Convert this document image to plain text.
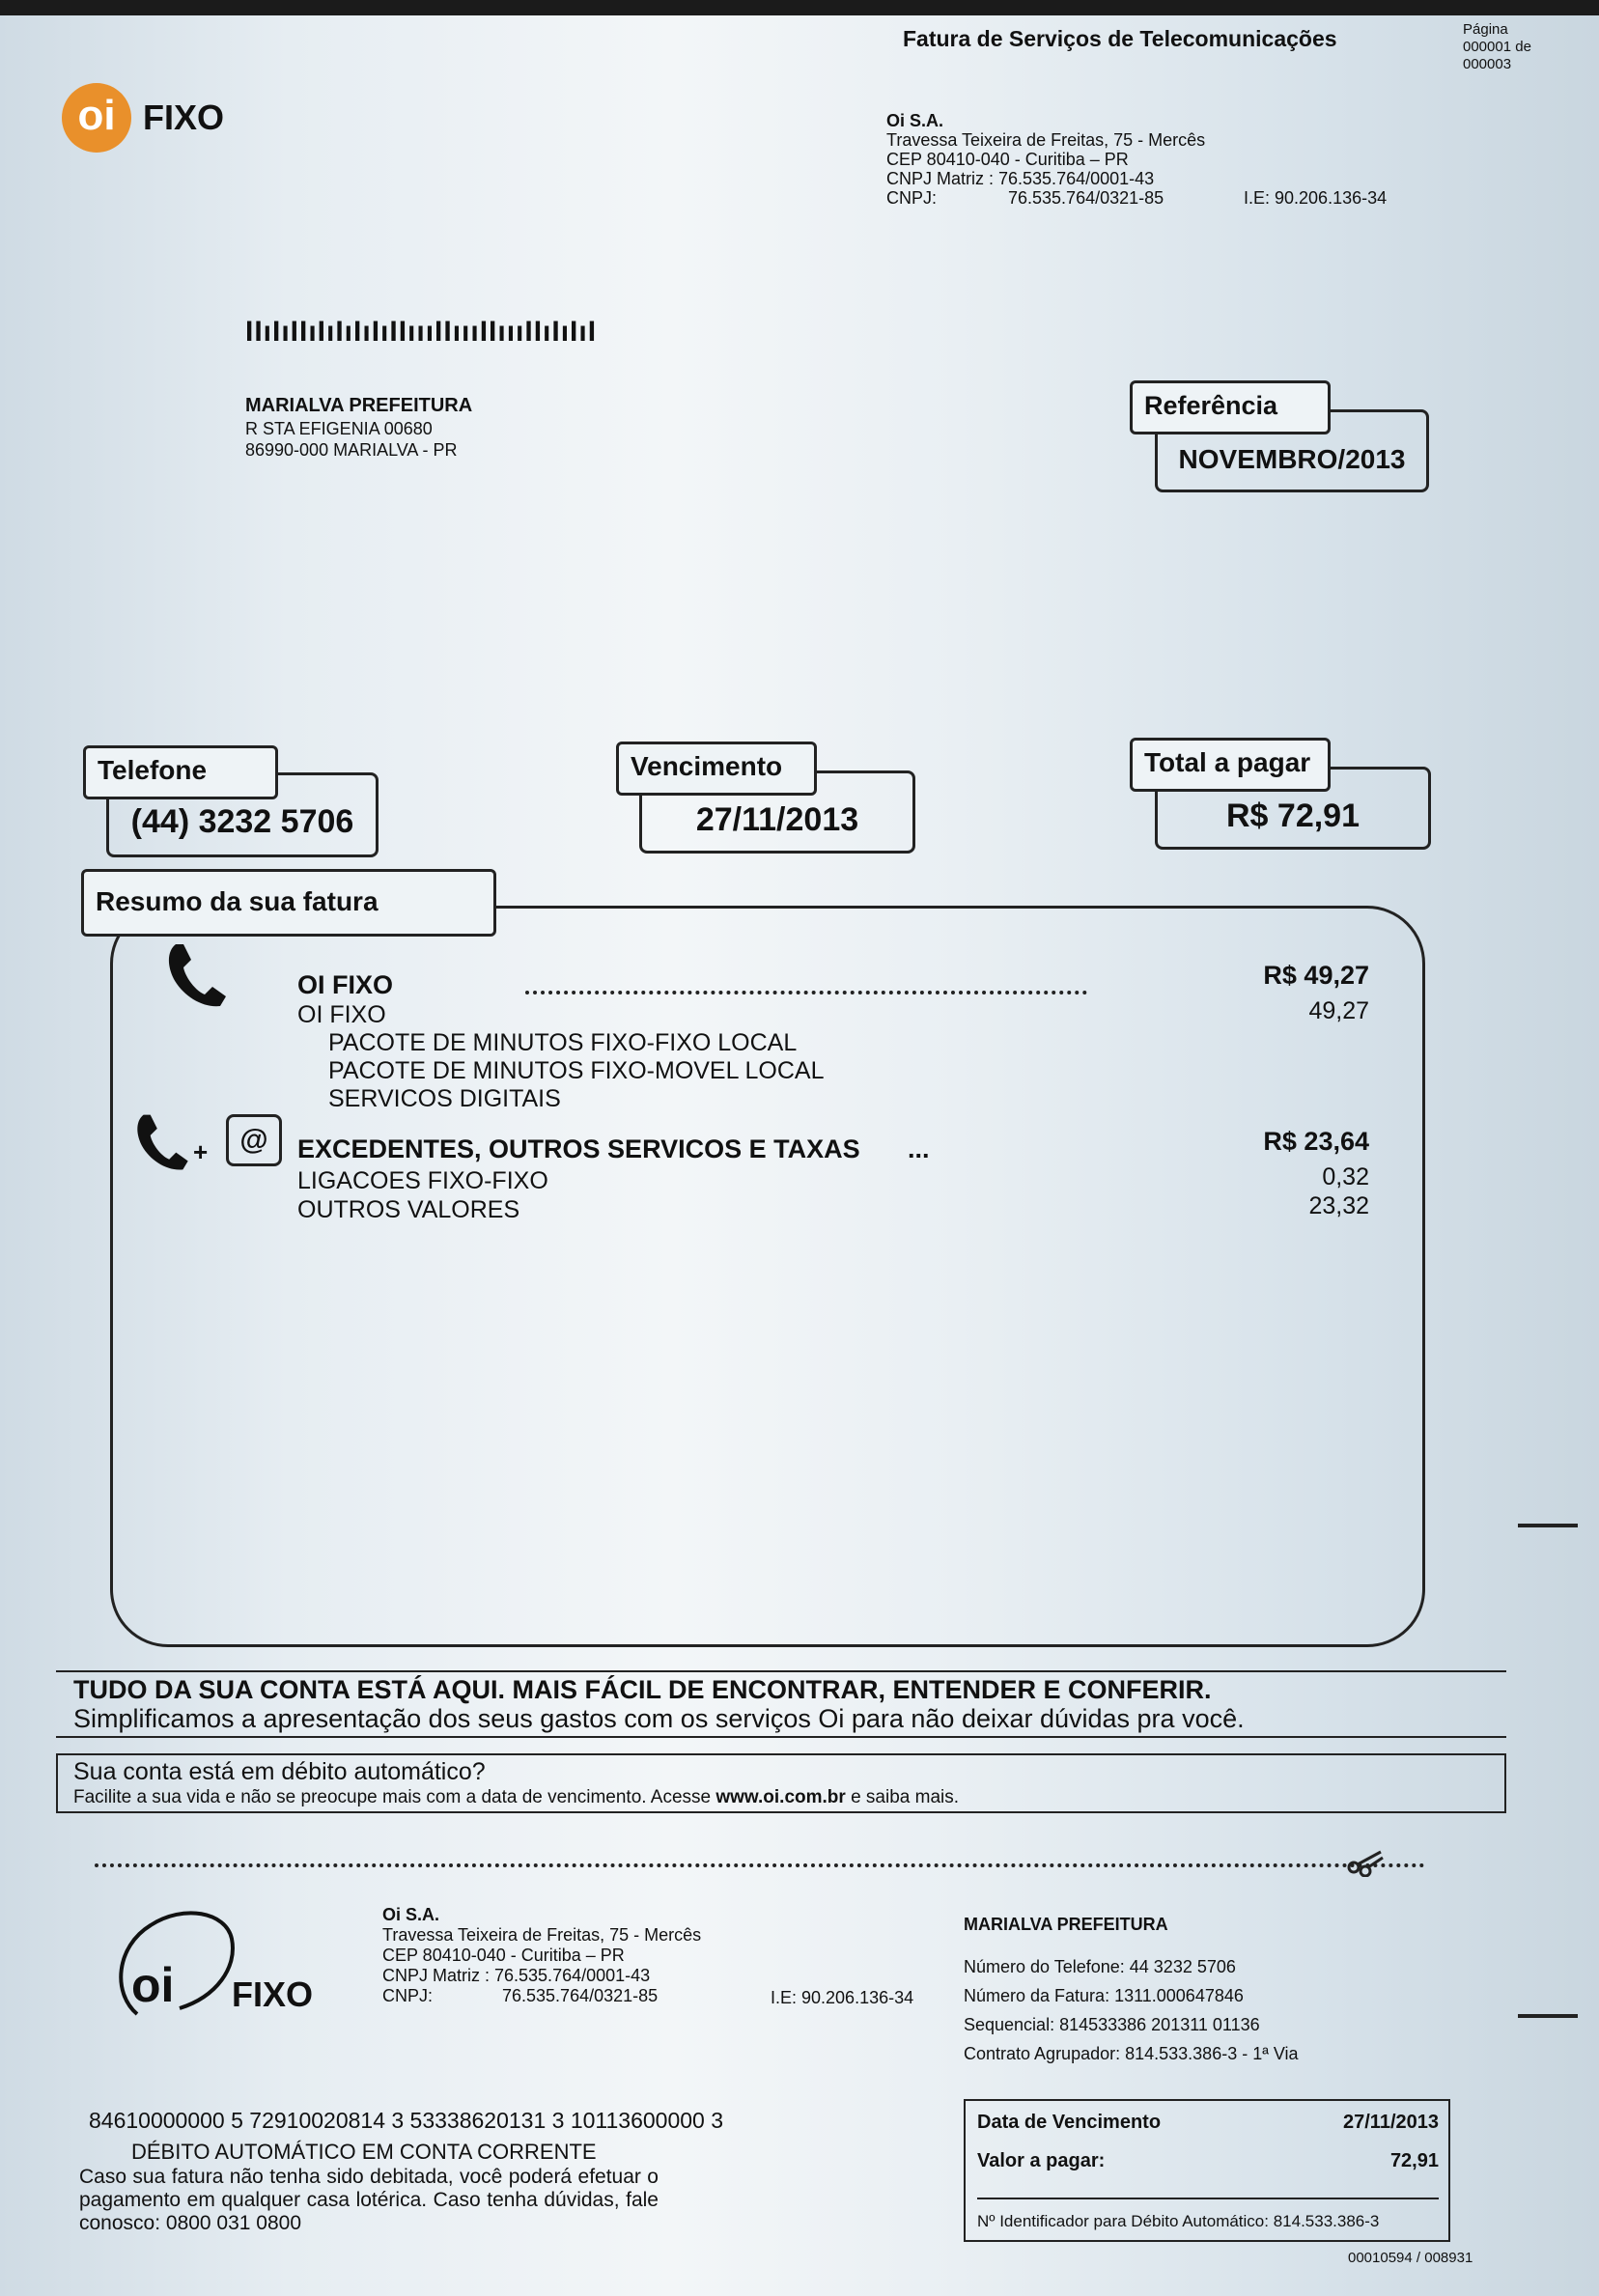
Fatura de Serviços de Telecomunicações	Página
000001 de
000003
oi FIXO	Oi S.A.
Travessa Teixeira de Freitas, 75 - Mercês
CEP 80410-040 - Curitiba – PR
CNPJ Matriz : 76.535.764/0001-43
CNPJ:	76.535.764/0321-85	I.E: 90.206.136-34
IIıIıIIıIıIıIıIıIIıııIIıııIIıııIIıIıIıI
MARIALVA PREFEITURA
R STA EFIGENIA 00680
86990-000 MARIALVA - PR	NOVEMBRO/2013
Referência
(44) 3232 5706
Telefone
27/11/2013
Vencimento
R$ 72,91
Total a pagar
Resumo da sua fatura
OI FIXO	R$ 49,27
OI FIXO	49,27
PACOTE DE MINUTOS FIXO-FIXO LOCAL
PACOTE DE MINUTOS FIXO-MOVEL LOCAL
SERVICOS DIGITAIS
+	@	EXCEDENTES, OUTROS SERVICOS E TAXAS ...	R$ 23,64
LIGACOES FIXO-FIXO	0,32
OUTROS VALORES	23,32
TUDO DA SUA CONTA ESTÁ AQUI. MAIS FÁCIL DE ENCONTRAR, ENTENDER E CONFERIR.
Simplificamos a apresentação dos seus gastos com os serviços Oi para não deixar dúvidas pra você.
Sua conta está em débito automático?
Facilite a sua vida e não se preocupe mais com a data de vencimento. Acesse www.oi.com.br e saiba mais.
oi FIXO
Oi S.A.
Travessa Teixeira de Freitas, 75 - Mercês
CEP 80410-040 - Curitiba – PR
CNPJ Matriz : 76.535.764/0001-43
CNPJ:	76.535.764/0321-85	I.E: 90.206.136-34
MARIALVA PREFEITURA
Número do Telefone: 44 3232 5706
Número da Fatura: 1311.000647846
Sequencial: 814533386 201311 01136
Contrato Agrupador: 814.533.386-3 - 1ª Via
84610000000 5 72910020814 3 53338620131 3 10113600000 3
DÉBITO AUTOMÁTICO EM CONTA CORRENTE
Caso sua fatura não tenha sido debitada, você poderá efetuar o pagamento em qualquer casa lotérica. Caso tenha dúvidas, fale conosco: 0800 031 0800
Data de Vencimento	27/11/2013
Valor a pagar:	72,91
Nº Identificador para Débito Automático: 814.533.386-3
00010594 / 008931
